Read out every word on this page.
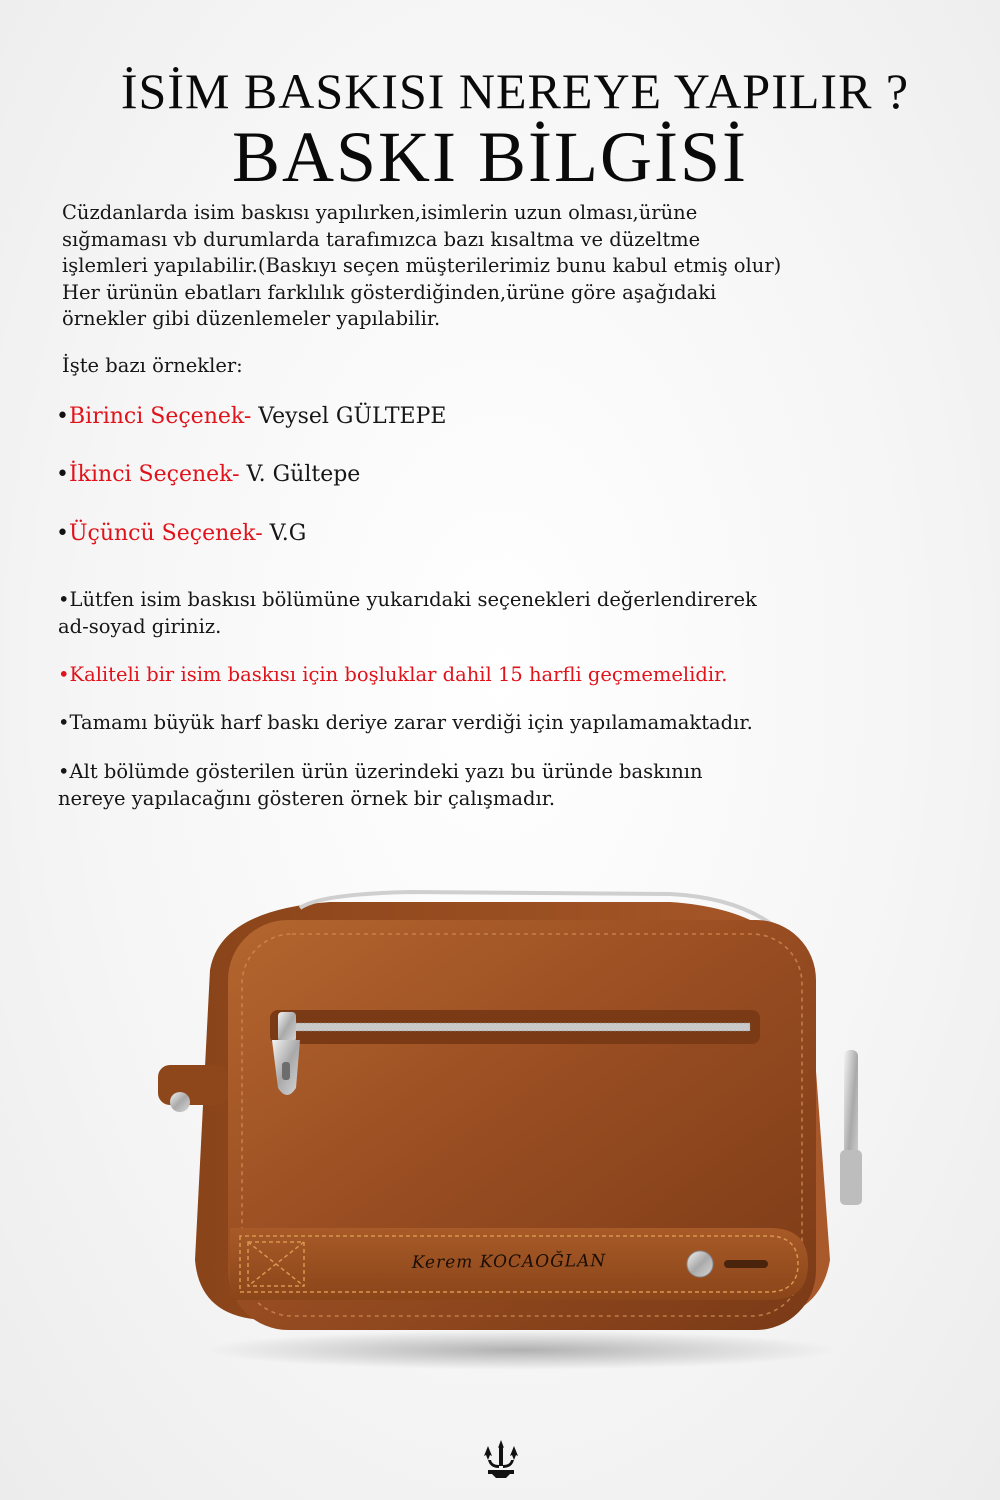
İSİM BASKISI NEREYE YAPILIR ?
BASKI BİLGİSİ

Cüzdanlarda isim baskısı yapılırken,isimlerin uzun olması,ürüne
sığmaması vb durumlarda tarafımızca bazı kısaltma ve düzeltme
işlemleri yapılabilir.(Baskıyı seçen müşterilerimiz bunu kabul etmiş olur)
Her ürünün ebatları farklılık gösterdiğinden,ürüne göre aşağıdaki
örnekler gibi düzenlemeler yapılabilir.

İşte bazı örnekler:
•Birinci Seçenek- Veysel GÜLTEPE
•İkinci Seçenek- V. Gültepe
•Üçüncü Seçenek- V.G
•Lütfen isim baskısı bölümüne yukarıdaki seçenekleri değerlendirerek
ad-soyad giriniz.
•Kaliteli bir isim baskısı için boşluklar dahil 15 harfli geçmemelidir.
•Tamamı büyük harf baskı deriye zarar verdiği için yapılamamaktadır.
•Alt bölümde gösterilen ürün üzerindeki yazı bu üründe baskının
nereye yapılacağını gösteren örnek bir çalışmadır.
Kerem KOCAOĞLAN
